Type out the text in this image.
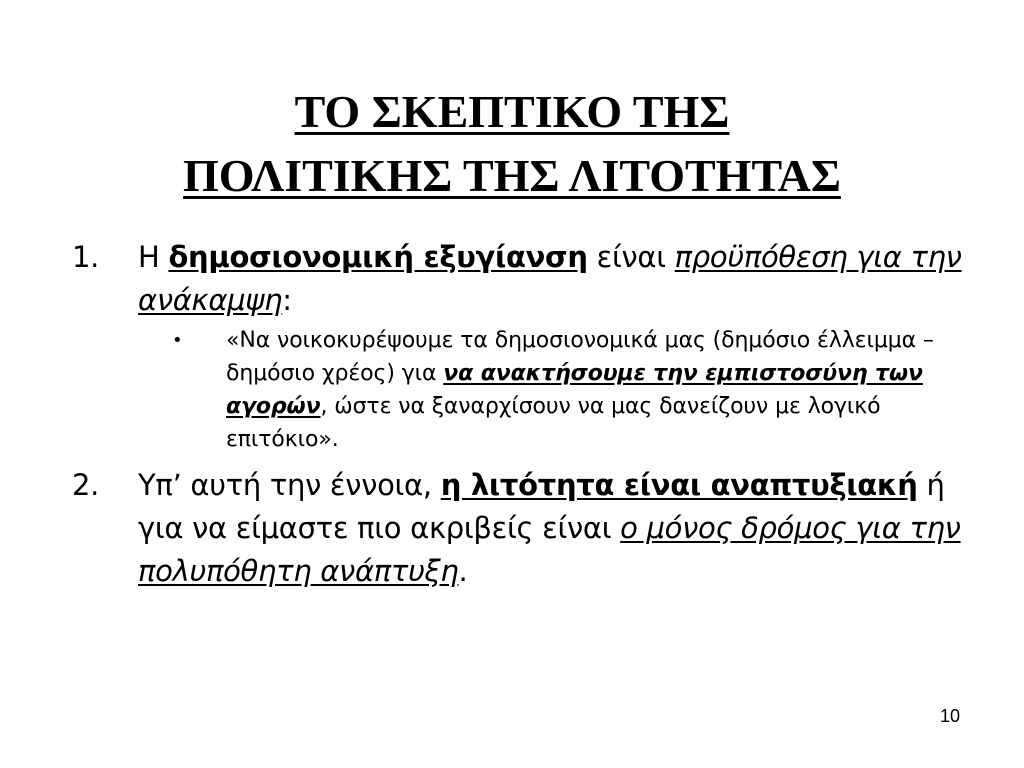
ΤΟ ΣΚΕΠΤΙΚΟ ΤΗΣ
ΠΟΛΙΤΙΚΗΣ ΤΗΣ ΛΙΤΟΤΗΤΑΣ
1. Η δημοσιονομική εξυγίανση είναι προϋπόθεση για την ανάκαμψη:
• «Να νοικοκυρέψουμε τα δημοσιονομικά μας (δημόσιο έλλειμμα – δημόσιο χρέος) για να ανακτήσουμε την εμπιστοσύνη των αγορών, ώστε να ξαναρχίσουν να μας δανείζουν με λογικό επιτόκιο».
2. Υπ’ αυτή την έννοια, η λιτότητα είναι αναπτυξιακή ή για να είμαστε πιο ακριβείς είναι ο μόνος δρόμος για την πολυπόθητη ανάπτυξη.
10
